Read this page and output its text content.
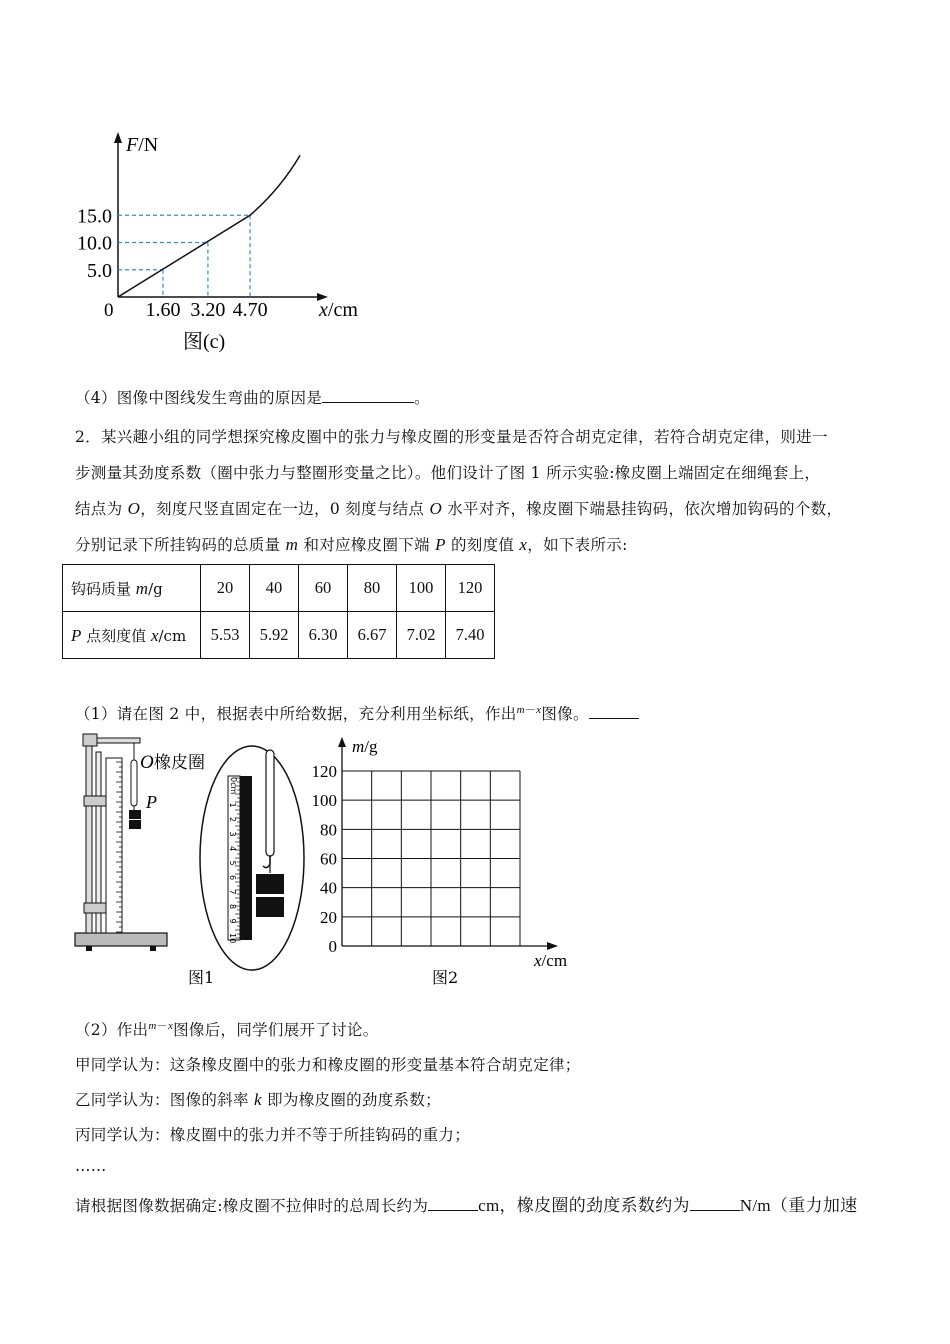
5.0
1.60
10.0
3.20
15.0
4.70
F/N
x/cm
0
图(c)
（4）图像中图线发生弯曲的原因是	。
2．某兴趣小组的同学想探究橡皮圈中的张力与橡皮圈的形变量是否符合胡克定律，若符合胡克定律，则进一
步测量其劲度系数（圈中张力与整圈形变量之比）。他们设计了图 1 所示实验:橡皮圈上端固定在细绳套上，
结点为 O，刻度尺竖直固定在一边，0 刻度与结点 O 水平对齐，橡皮圈下端悬挂钩码，依次增加钩码的个数，
分别记录下所挂钩码的总质量 m 和对应橡皮圈下端 P 的刻度值 x，如下表所示:
钩码质量 m/g	20	40	60	80	100	120
P 点刻度值 x/cm	5.53	5.92	6.30	6.67	7.02	7.40
（1）请在图 2 中，根据表中所给数据，充分利用坐标纸，作出$^{m-x}$图像。
O 橡皮圈
P
图1
1
2
3
4
5
6
7
8
9
10
0cm
0
20
40
60
80
100
120
m/g
x/cm
图2
（2）作出$^{m-x}$图像后，同学们展开了讨论。
甲同学认为：这条橡皮圈中的张力和橡皮圈的形变量基本符合胡克定律；
乙同学认为：图像的斜率 k 即为橡皮圈的劲度系数；
丙同学认为：橡皮圈中的张力并不等于所挂钩码的重力；
……
请根据图像数据确定:橡皮圈不拉伸时的总周长约为	cm，橡皮圈的劲度系数约为	N/m（重力加速
